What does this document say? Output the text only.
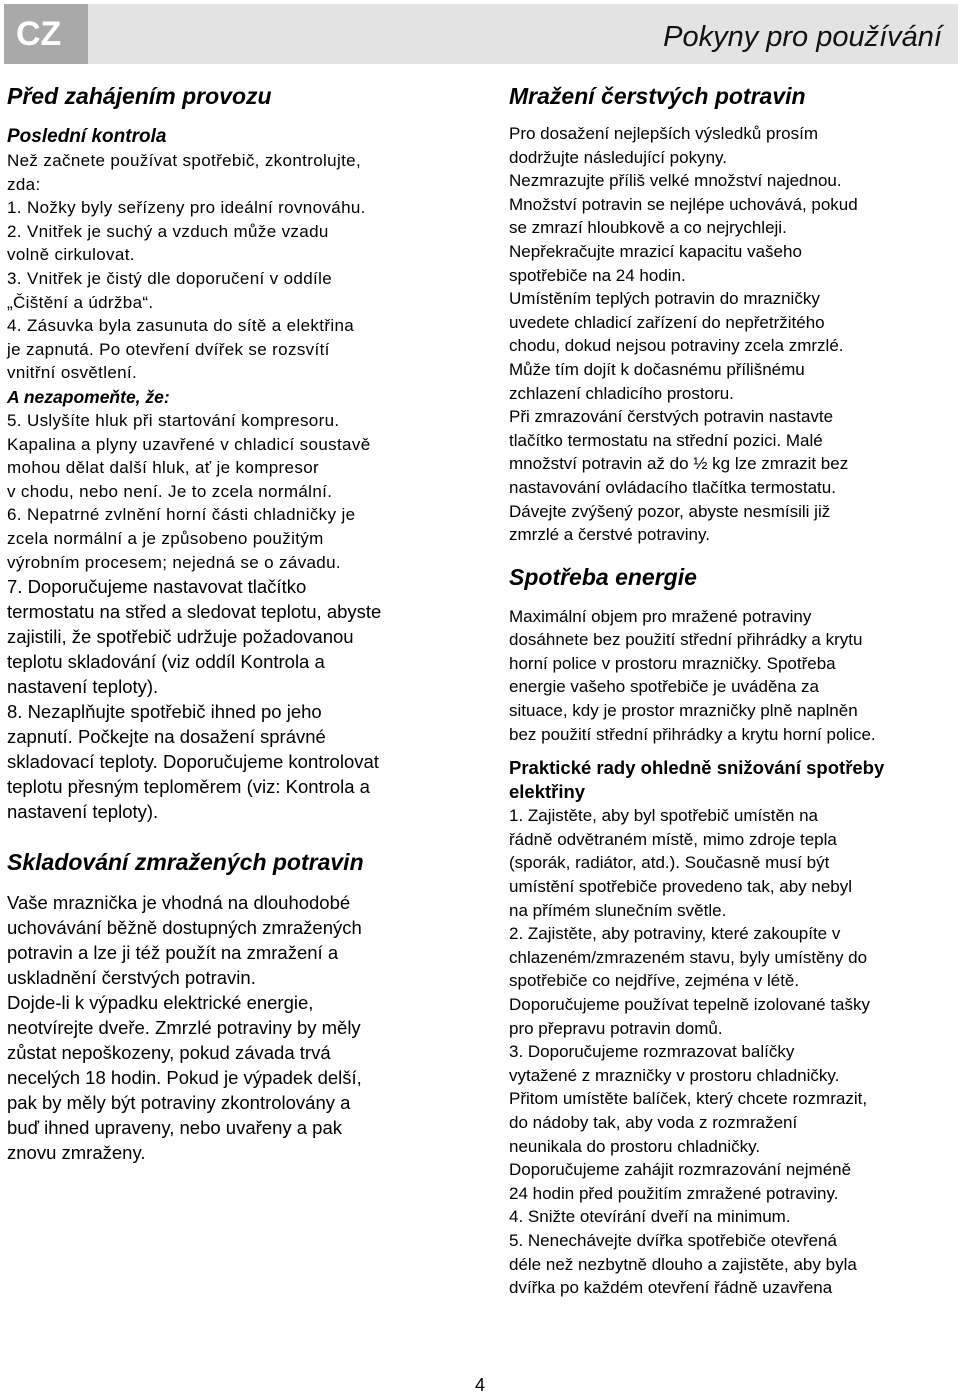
CZ	Pokyny pro používání
Před zahájením provozu
Poslední kontrola
Než začnete používat spotřebič, zkontrolujte,
zda:
1. Nožky byly seřízeny pro ideální rovnováhu.
2. Vnitřek je suchý a vzduch může vzadu
volně cirkulovat.
3. Vnitřek je čistý dle doporučení v oddíle
„Čištění a údržba“.
4. Zásuvka byla zasunuta do sítě a elektřina
je zapnutá. Po otevření dvířek se rozsvítí
vnitřní osvětlení.
A nezapomeňte, že:
5. Uslyšíte hluk při startování kompresoru.
Kapalina a plyny uzavřené v chladicí soustavě
mohou dělat další hluk, ať je kompresor
v chodu, nebo není. Je to zcela normální.
6. Nepatrné zvlnění horní části chladničky je
zcela normální a je způsobeno použitým
výrobním procesem; nejedná se o závadu.
7. Doporučujeme nastavovat tlačítko
termostatu na střed a sledovat teplotu, abyste
zajistili, že spotřebič udržuje požadovanou
teplotu skladování (viz oddíl Kontrola a
nastavení teploty).
8. Nezaplňujte spotřebič ihned po jeho
zapnutí. Počkejte na dosažení správné
skladovací teploty. Doporučujeme kontrolovat
teplotu přesným teploměrem (viz: Kontrola a
nastavení teploty).
Skladování zmražených potravin
Vaše mraznička je vhodná na dlouhodobé
uchovávání běžně dostupných zmražených
potravin a lze ji též použít na zmražení a
uskladnění čerstvých potravin.
Dojde-li k výpadku elektrické energie,
neotvírejte dveře. Zmrzlé potraviny by měly
zůstat nepoškozeny, pokud závada trvá
necelých 18 hodin. Pokud je výpadek delší,
pak by měly být potraviny zkontrolovány a
buď ihned upraveny, nebo uvařeny a pak
znovu zmraženy.
Mražení čerstvých potravin
Pro dosažení nejlepších výsledků prosím
dodržujte následující pokyny.
Nezmrazujte příliš velké množství najednou.
Množství potravin se nejlépe uchovává, pokud
se zmrazí hloubkově a co nejrychleji.
Nepřekračujte mrazicí kapacitu vašeho
spotřebiče na 24 hodin.
Umístěním teplých potravin do mrazničky
uvedete chladicí zařízení do nepřetržitého
chodu, dokud nejsou potraviny zcela zmrzlé.
Může tím dojít k dočasnému přílišnému
zchlazení chladicího prostoru.
Při zmrazování čerstvých potravin nastavte
tlačítko termostatu na střední pozici. Malé
množství potravin až do ½ kg lze zmrazit bez
nastavování ovládacího tlačítka termostatu.
Dávejte zvýšený pozor, abyste nesmísili již
zmrzlé a čerstvé potraviny.
Spotřeba energie
Maximální objem pro mražené potraviny
dosáhnete bez použití střední přihrádky a krytu
horní police v prostoru mrazničky. Spotřeba
energie vašeho spotřebiče je uváděna za
situace, kdy je prostor mrazničky plně naplněn
bez použití střední přihrádky a krytu horní police.
Praktické rady ohledně snižování spotřeby
elektřiny
1. Zajistěte, aby byl spotřebič umístěn na
řádně odvětraném místě, mimo zdroje tepla
(sporák, radiátor, atd.). Současně musí být
umístění spotřebiče provedeno tak, aby nebyl
na přímém slunečním světle.
2. Zajistěte, aby potraviny, které zakoupíte v
chlazeném/zmrazeném stavu, byly umístěny do
spotřebiče co nejdříve, zejména v létě.
Doporučujeme používat tepelně izolované tašky
pro přepravu potravin domů.
3. Doporučujeme rozmrazovat balíčky
vytažené z mrazničky v prostoru chladničky.
Přitom umístěte balíček, který chcete rozmrazit,
do nádoby tak, aby voda z rozmražení
neunikala do prostoru chladničky.
Doporučujeme zahájit rozmrazování nejméně
24 hodin před použitím zmražené potraviny.
4. Snižte otevírání dveří na minimum.
5. Nenechávejte dvířka spotřebiče otevřená
déle než nezbytně dlouho a zajistěte, aby byla
dvířka po každém otevření řádně uzavřena
4
